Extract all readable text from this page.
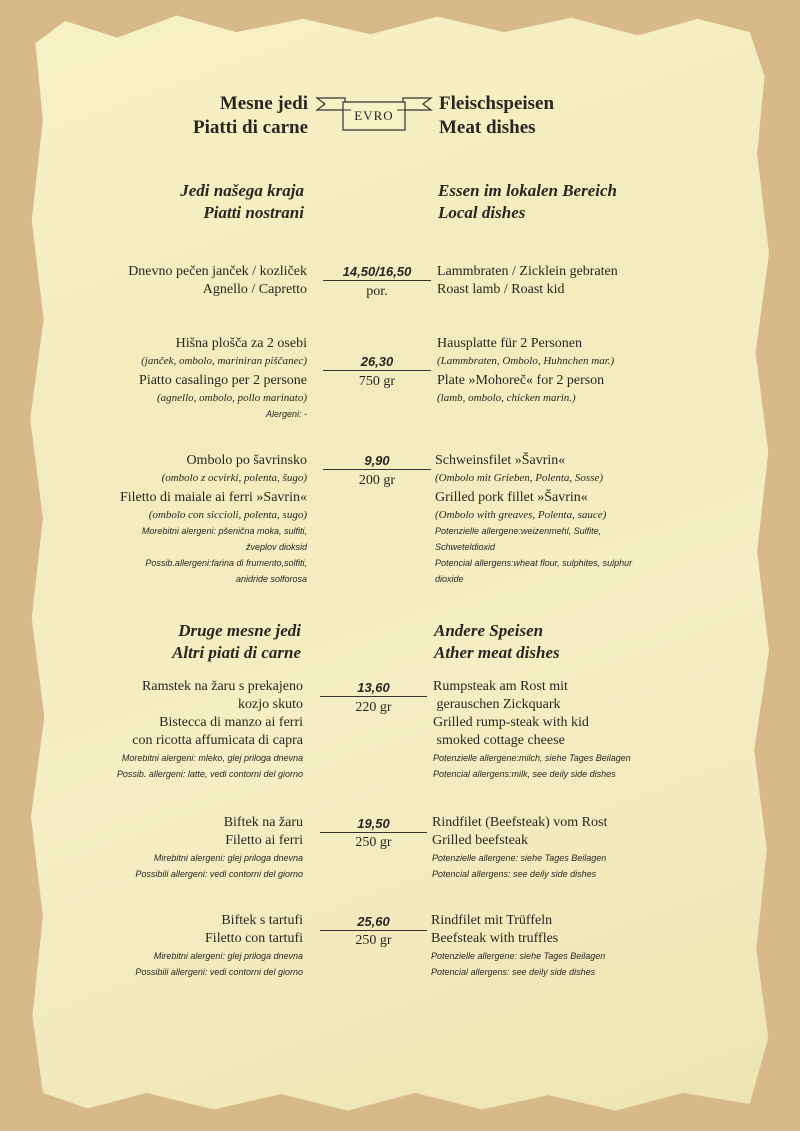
Mesne jedi
Piatti di carne
Fleischspeisen
Meat dishes
EVRO
Jedi našega kraja
Piatti nostrani
Essen im lokalen Bereich
Local dishes
Dnevno pečen janček / kozliček
Agnello / Capretto
14,50/16,50
por.
Lammbraten / Zicklein gebraten
Roast lamb / Roast kid
Hišna plošča za 2 osebi
(janček, ombolo, mariniran piščanec)
Piatto casalingo per 2 persone
(agnello, ombolo, pollo marinato)
Alergeni: -
26,30
750 gr
Hausplatte für 2 Personen
(Lammbraten, Ombolo, Huhnchen mar.)
Plate »Mohoreč« for 2 person
(lamb, ombolo, chicken marin.)
Ombolo po šavrinsko
(ombolo z ocvirki, polenta, šugo)
Filetto di maiale ai ferri »Savrin«
(ombolo con siccioli, polenta, sugo)
Morebitni alergeni: pšenična moka, sulfiti,
žveplov dioksid
Possib.allergeni:farina di frumento,solfiti,
anidride solforosa
9,90
200 gr
Schweinsfilet »Šavrin«
(Ombolo mit Grieben, Polenta, Sosse)
Grilled pork fillet »Šavrin«
(Ombolo with greaves, Polenta, sauce)
Potenzielle allergene:weizenmehl, Sulfite,
Schweteldioxid
Potencial allergens:wheat flour, sulphites, sulphur
dioxide
Druge mesne jedi
Altri piati di carne
Andere Speisen
Ather meat dishes
Ramstek na žaru s prekajeno
kozjo skuto
Bistecca di manzo ai ferri
con ricotta affumicata di capra
Morebitni alergeni: mleko, glej priloga dnevna
Possib. allergeni: latte, vedi contorni del giorno
13,60
220 gr
Rumpsteak am Rost mit
gerauschen Zickquark
Grilled rump-steak with kid
smoked cottage cheese
Potenzielle allergene:milch, siehe Tages Beilagen
Potencial allergens:milk, see deily side dishes
Biftek na žaru
Filetto ai ferri
Mirebitni alergeni: glej priloga dnevna
Possibili allergeni: vedi contorni del giorno
19,50
250 gr
Rindfilet (Beefsteak) vom Rost
Grilled beefsteak
Potenzielle allergene: siehe Tages Beilagen
Potencial allergens: see deily side dishes
Biftek s tartufi
Filetto con tartufi
Mirebitni alergeni: glej priloga dnevna
Possibili allergeni: vedi contorni del giorno
25,60
250 gr
Rindfilet mit Trüffeln
Beefsteak with truffles
Potenzielle allergene: siehe Tages Beilagen
Potencial allergens: see deily side dishes
